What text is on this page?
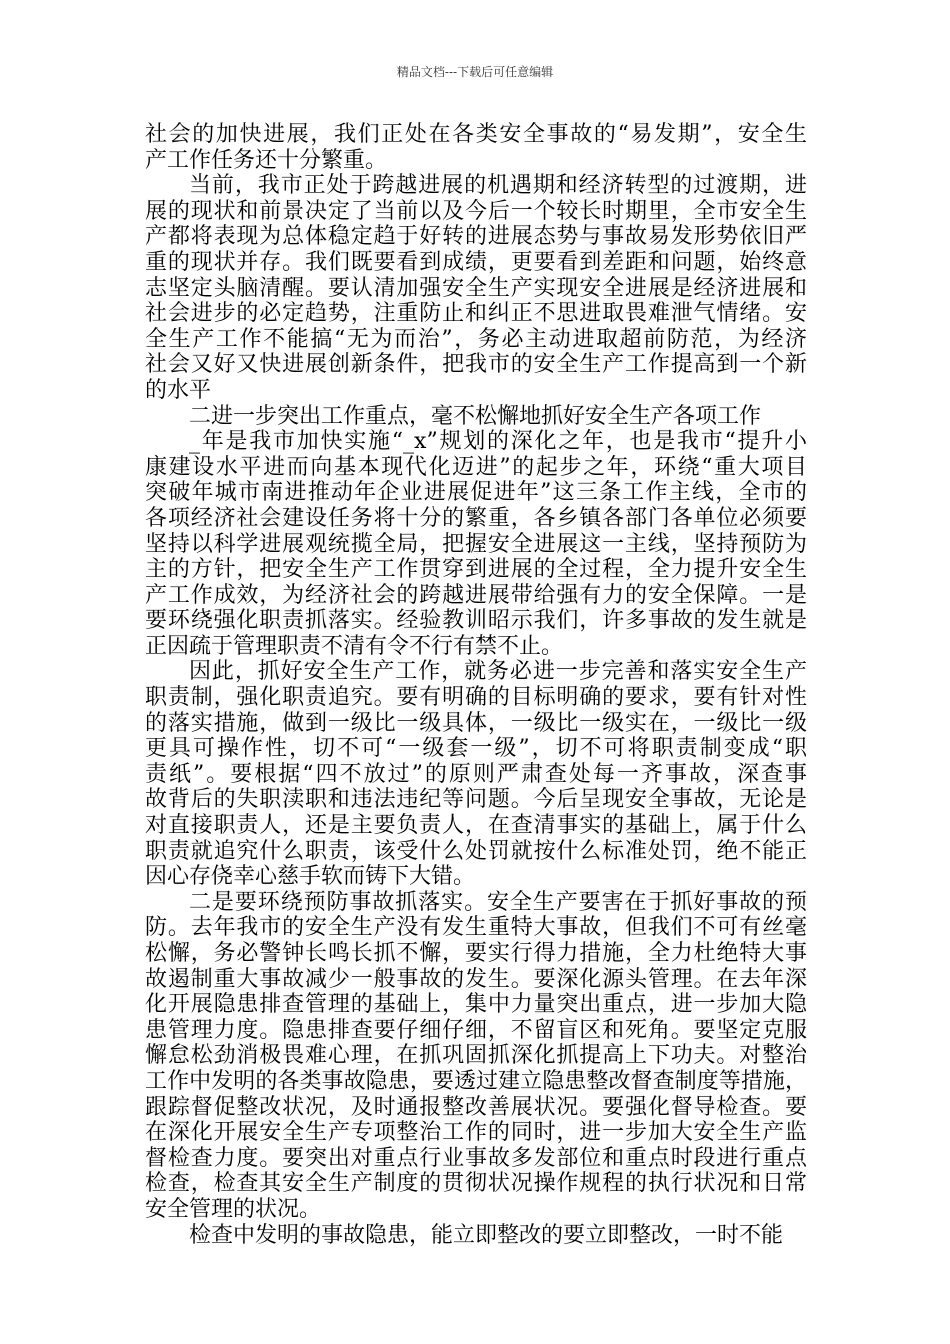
精品文档---下载后可任意编辑
社会的加快进展，我们正处在各类安全事故的“易发期”，安全生
产工作任务还十分繁重。
当前，我市正处于跨越进展的机遇期和经济转型的过渡期，进
展的现状和前景决定了当前以及今后一个较长时期里，全市安全生
产都将表现为总体稳定趋于好转的进展态势与事故易发形势依旧严
重的现状并存。我们既要看到成绩，更要看到差距和问题，始终意
志坚定头脑清醒。要认清加强安全生产实现安全进展是经济进展和
社会进步的必定趋势，注重防止和纠正不思进取畏难泄气情绪。安
全生产工作不能搞“无为而治”，务必主动进取超前防范，为经济
社会又好又快进展创新条件，把我市的安全生产工作提高到一个新
的水平
二进一步突出工作重点，毫不松懈地抓好安全生产各项工作
_年是我市加快实施“_x”规划的深化之年，也是我市“提升小
康建设水平进而向基本现代化迈进”的起步之年，环绕“重大项目
突破年城市南进推动年企业进展促进年”这三条工作主线，全市的
各项经济社会建设任务将十分的繁重，各乡镇各部门各单位必须要
坚持以科学进展观统揽全局，把握安全进展这一主线，坚持预防为
主的方针，把安全生产工作贯穿到进展的全过程，全力提升安全生
产工作成效，为经济社会的跨越进展带给强有力的安全保障。一是
要环绕强化职责抓落实。经验教训昭示我们，许多事故的发生就是
正因疏于管理职责不清有令不行有禁不止。
因此，抓好安全生产工作，就务必进一步完善和落实安全生产
职责制，强化职责追究。要有明确的目标明确的要求，要有针对性
的落实措施，做到一级比一级具体，一级比一级实在，一级比一级
更具可操作性，切不可“一级套一级”，切不可将职责制变成“职
责纸”。要根据“四不放过”的原则严肃查处每一齐事故，深查事
故背后的失职渎职和违法违纪等问题。今后呈现安全事故，无论是
对直接职责人，还是主要负责人，在查清事实的基础上，属于什么
职责就追究什么职责，该受什么处罚就按什么标准处罚，绝不能正
因心存侥幸心慈手软而铸下大错。
二是要环绕预防事故抓落实。安全生产要害在于抓好事故的预
防。去年我市的安全生产没有发生重特大事故，但我们不可有丝毫
松懈，务必警钟长鸣长抓不懈，要实行得力措施，全力杜绝特大事
故遏制重大事故减少一般事故的发生。要深化源头管理。在去年深
化开展隐患排查管理的基础上，集中力量突出重点，进一步加大隐
患管理力度。隐患排查要仔细仔细，不留盲区和死角。要坚定克服
懈怠松劲消极畏难心理，在抓巩固抓深化抓提高上下功夫。对整治
工作中发明的各类事故隐患，要透过建立隐患整改督查制度等措施，
跟踪督促整改状况，及时通报整改善展状况。要强化督导检查。要
在深化开展安全生产专项整治工作的同时，进一步加大安全生产监
督检查力度。要突出对重点行业事故多发部位和重点时段进行重点
检查，检查其安全生产制度的贯彻状况操作规程的执行状况和日常
安全管理的状况。
检查中发明的事故隐患，能立即整改的要立即整改，一时不能
